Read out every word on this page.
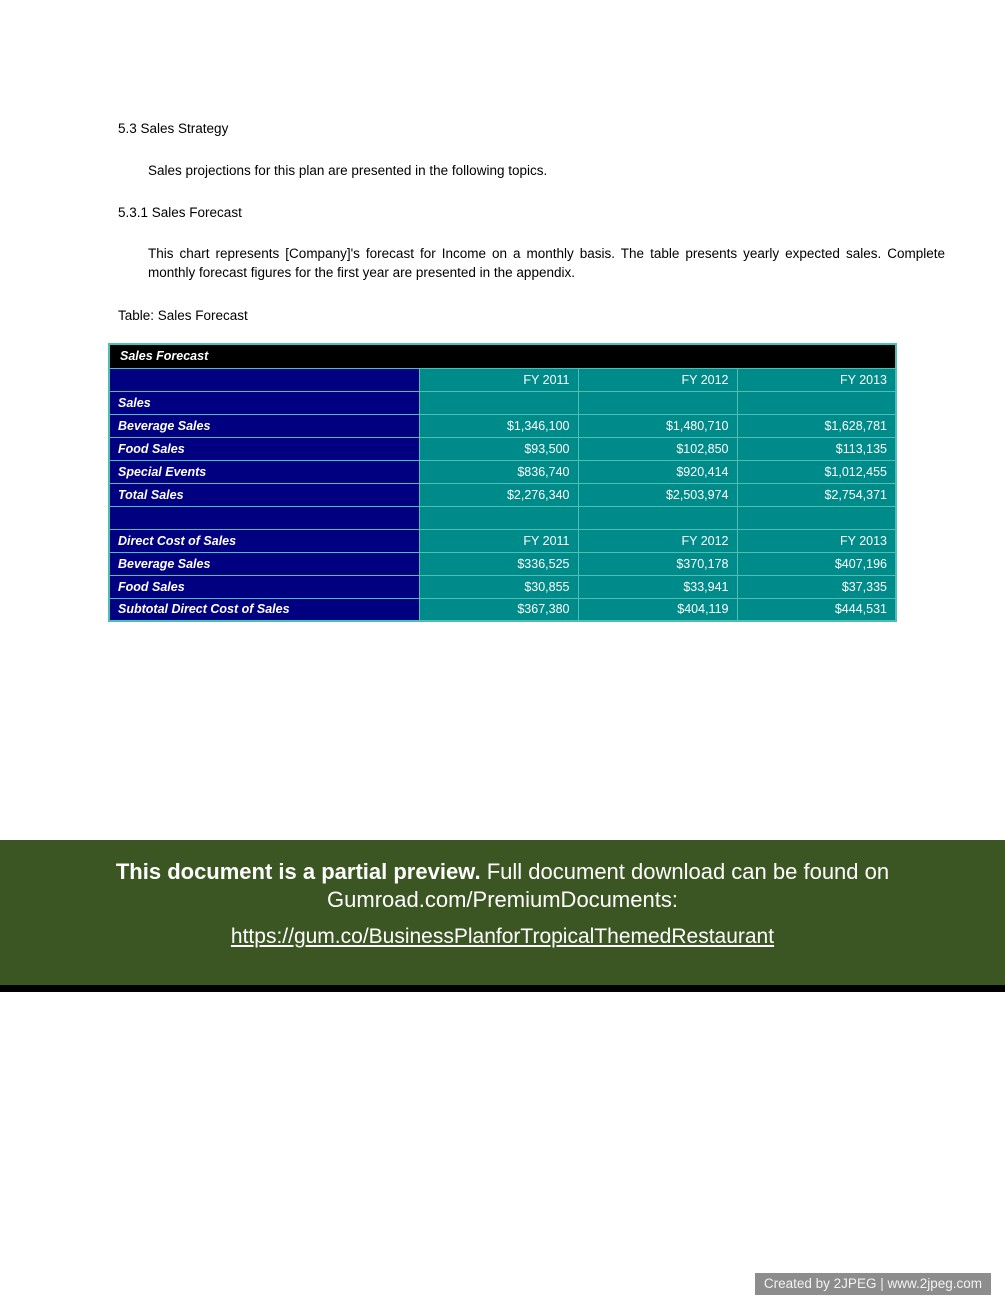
5.3 Sales Strategy
Sales projections for this plan are presented in the following topics.
5.3.1 Sales Forecast
This chart represents [Company]'s forecast for Income on a monthly basis. The table presents yearly expected sales. Complete monthly forecast figures for the first year are presented in the appendix.
Table: Sales Forecast
Sales Forecast			
	FY 2011	FY 2012	FY 2013
Sales			
Beverage Sales	$1,346,100	$1,480,710	$1,628,781
Food Sales	$93,500	$102,850	$113,135
Special Events	$836,740	$920,414	$1,012,455
Total Sales	$2,276,340	$2,503,974	$2,754,371

Direct Cost of Sales	FY 2011	FY 2012	FY 2013
Beverage Sales	$336,525	$370,178	$407,196
Food Sales	$30,855	$33,941	$37,335
Subtotal Direct Cost of Sales	$367,380	$404,119	$444,531
This document is a partial preview. Full document download can be found on Gumroad.com/PremiumDocuments:
https://gum.co/BusinessPlanforTropicalThemedRestaurant
Created by 2JPEG | www.2jpeg.com
